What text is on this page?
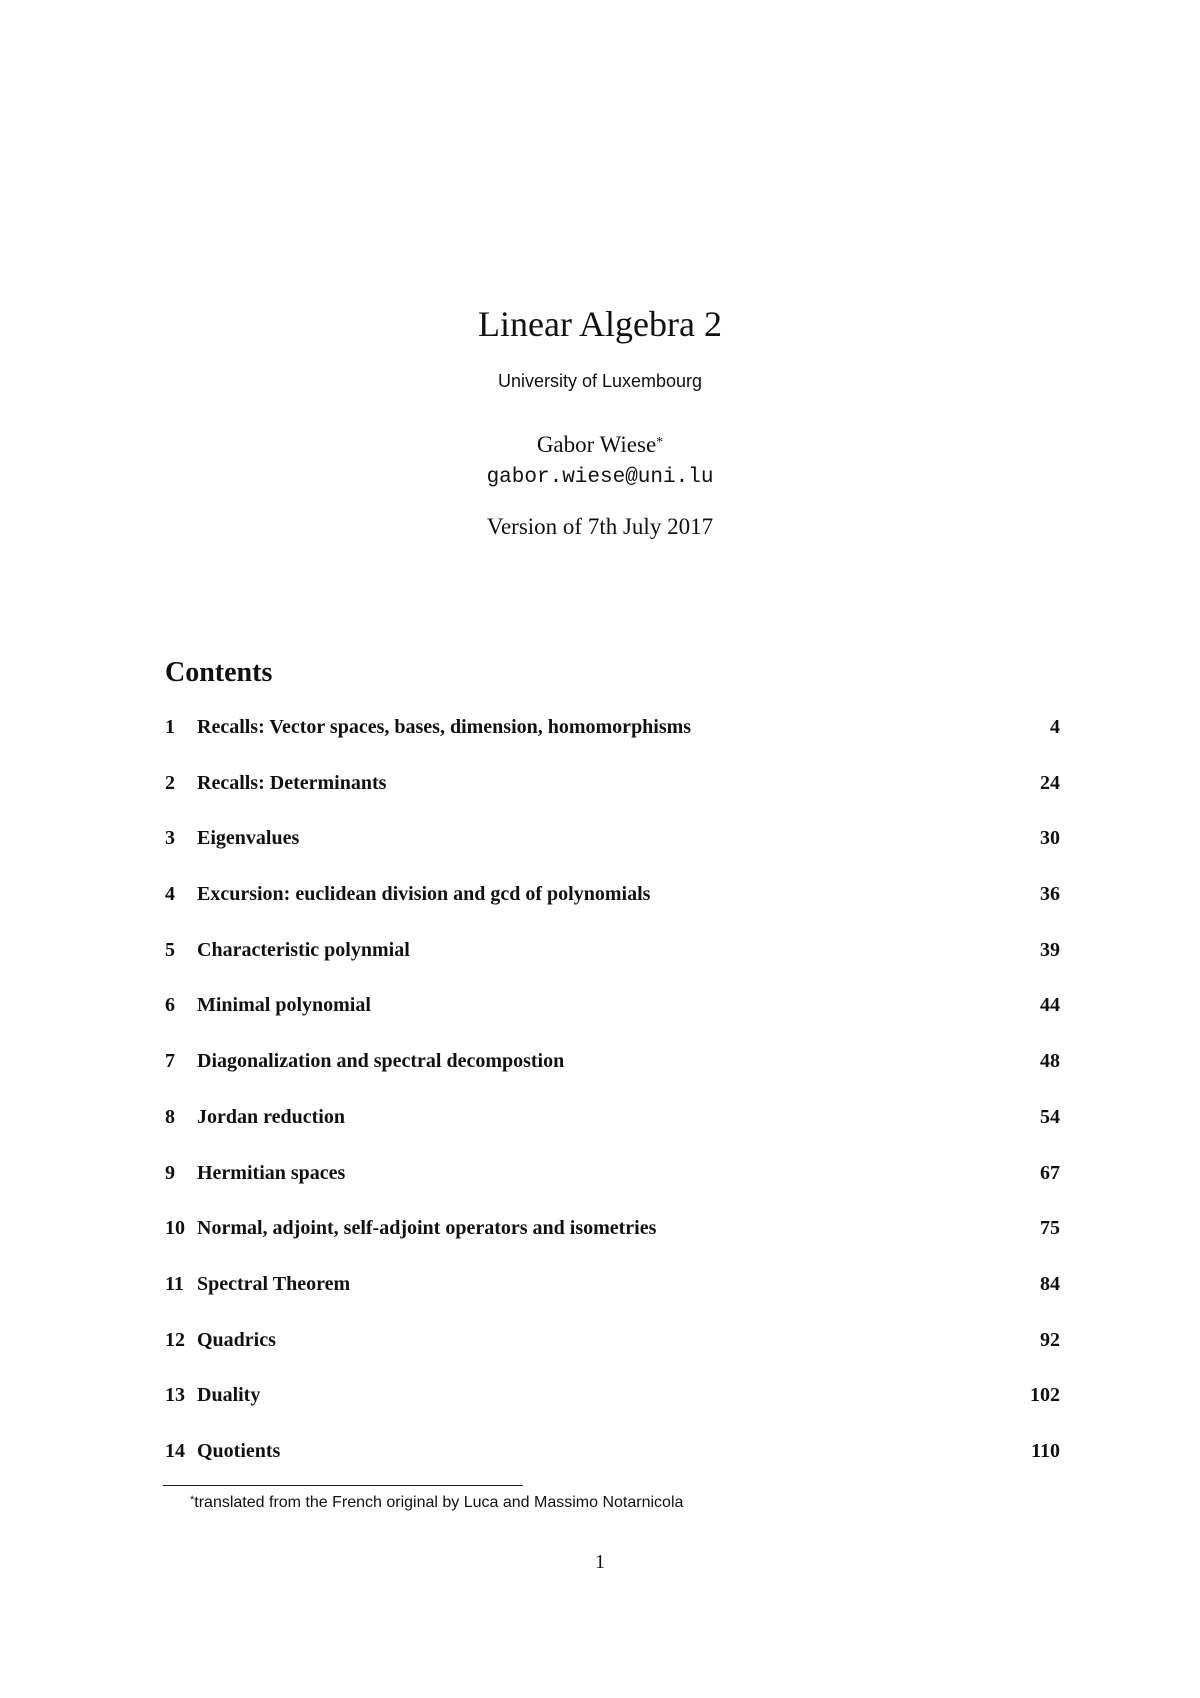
Linear Algebra 2
University of Luxembourg
Gabor Wiese*
gabor.wiese@uni.lu
Version of 7th July 2017
Contents
1 Recalls: Vector spaces, bases, dimension, homomorphisms	4
2 Recalls: Determinants	24
3 Eigenvalues	30
4 Excursion: euclidean division and gcd of polynomials	36
5 Characteristic polynmial	39
6 Minimal polynomial	44
7 Diagonalization and spectral decompostion	48
8 Jordan reduction	54
9 Hermitian spaces	67
10 Normal, adjoint, self-adjoint operators and isometries	75
11 Spectral Theorem	84
12 Quadrics	92
13 Duality	102
14 Quotients	110
*translated from the French original by Luca and Massimo Notarnicola
1
